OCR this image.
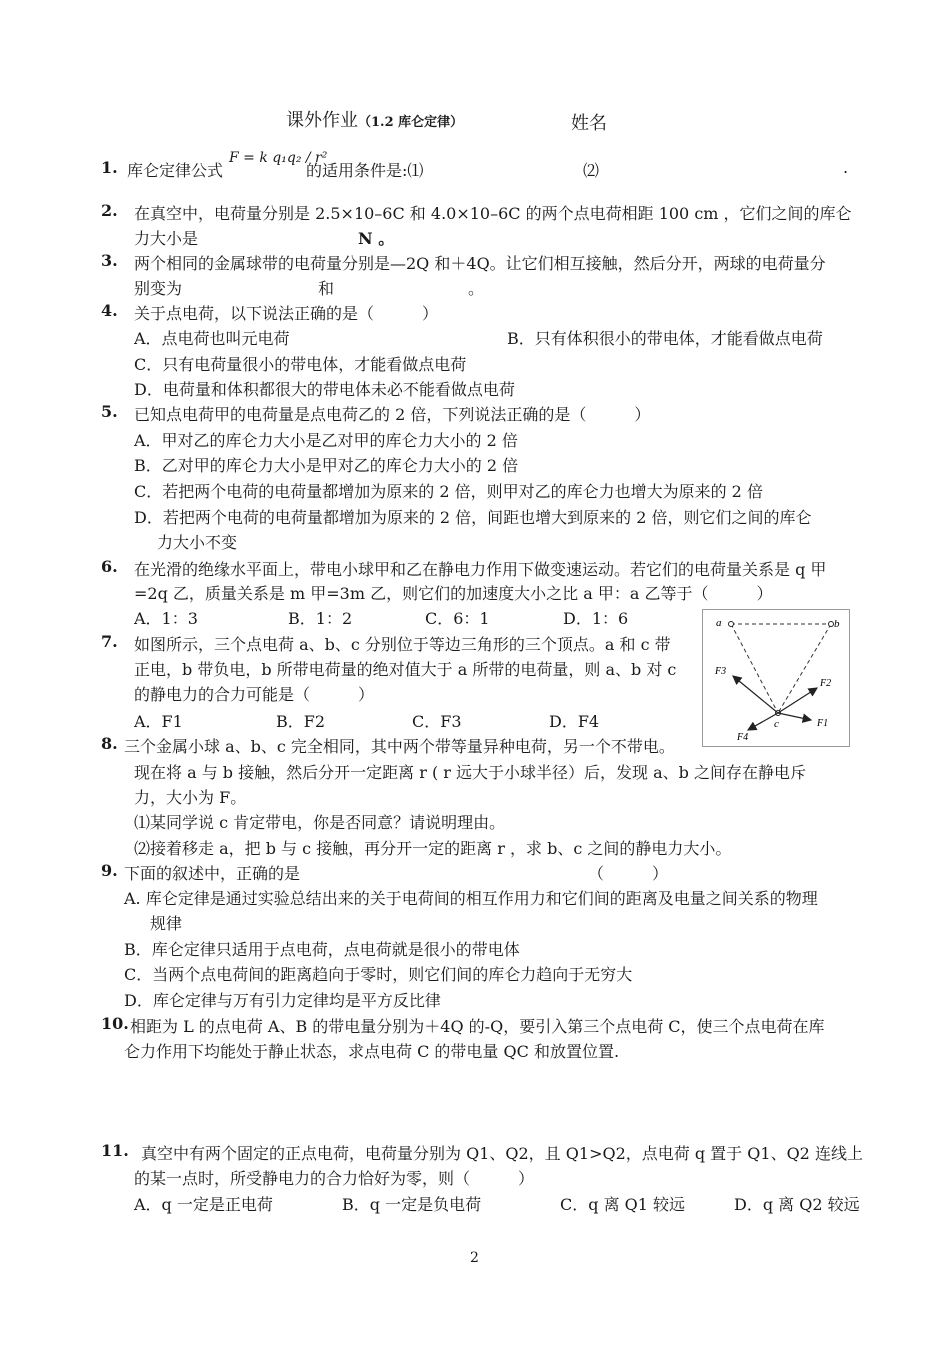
课外作业（1.2 库仑定律）	姓名
1. 库仑定律公式
F = k q₁q₂ / r²
的适用条件是:⑴	⑵	.
2. 在真空中，电荷量分别是 2.5×10–6C 和 4.0×10–6C 的两个点电荷相距 100 cm ，它们之间的库仑
力大小是	N 。
3. 两个相同的金属球带的电荷量分别是—2Q 和＋4Q。让它们相互接触，然后分开，两球的电荷量分
别变为	和	。
4. 关于点电荷，以下说法正确的是（　　　）
A．点电荷也叫元电荷	B．只有体积很小的带电体，才能看做点电荷
C．只有电荷量很小的带电体，才能看做点电荷
D．电荷量和体积都很大的带电体未必不能看做点电荷
5. 已知点电荷甲的电荷量是点电荷乙的 2 倍，下列说法正确的是（　　　）
A．甲对乙的库仑力大小是乙对甲的库仑力大小的 2 倍
B．乙对甲的库仑力大小是甲对乙的库仑力大小的 2 倍
C．若把两个电荷的电荷量都增加为原来的 2 倍，则甲对乙的库仑力也增大为原来的 2 倍
D．若把两个电荷的电荷量都增加为原来的 2 倍，间距也增大到原来的 2 倍，则它们之间的库仑
力大小不变
6. 在光滑的绝缘水平面上，带电小球甲和乙在静电力作用下做变速运动。若它们的电荷量关系是 q 甲
=2q 乙，质量关系是 m 甲=3m 乙，则它们的加速度大小之比 a 甲：a 乙等于（　　　）
A．1：3	B．1：2	C．6：1	D．1：6
7. 如图所示，三个点电荷 a、b、c 分别位于等边三角形的三个顶点。a 和 c 带
正电，b 带负电，b 所带电荷量的绝对值大于 a 所带的电荷量，则 a、b 对 c
的静电力的合力可能是（　　　）
A．F1	B．F2	C．F3	D．F4
a	b
c	F1
F2
F3
F4
8. 三个金属小球 a、b、c 完全相同，其中两个带等量异种电荷，另一个不带电。
现在将 a 与 b 接触，然后分开一定距离 r ( r 远大于小球半径）后，发现 a、b 之间存在静电斥
力，大小为 F。
⑴某同学说 c 肯定带电，你是否同意？请说明理由。
⑵接着移走 a，把 b 与 c 接触，再分开一定的距离 r ，求 b、c 之间的静电力大小。
9. 下面的叙述中，正确的是	（　　　）
A. 库仑定律是通过实验总结出来的关于电荷间的相互作用力和它们间的距离及电量之间关系的物理
规律
B．库仑定律只适用于点电荷，点电荷就是很小的带电体
C．当两个点电荷间的距离趋向于零时，则它们间的库仑力趋向于无穷大
D．库仑定律与万有引力定律均是平方反比律
10. 相距为 L 的点电荷 A、B 的带电量分别为＋4Q 的-Q，要引入第三个点电荷 C，使三个点电荷在库
仑力作用下均能处于静止状态，求点电荷 C 的带电量 QC 和放置位置.
11. 真空中有两个固定的正点电荷，电荷量分别为 Q1、Q2，且 Q1>Q2，点电荷 q 置于 Q1、Q2 连线上
的某一点时，所受静电力的合力恰好为零，则（　　　）
A．q 一定是正电荷	B．q 一定是负电荷	C．q 离 Q1 较远	D．q 离 Q2 较远
2
